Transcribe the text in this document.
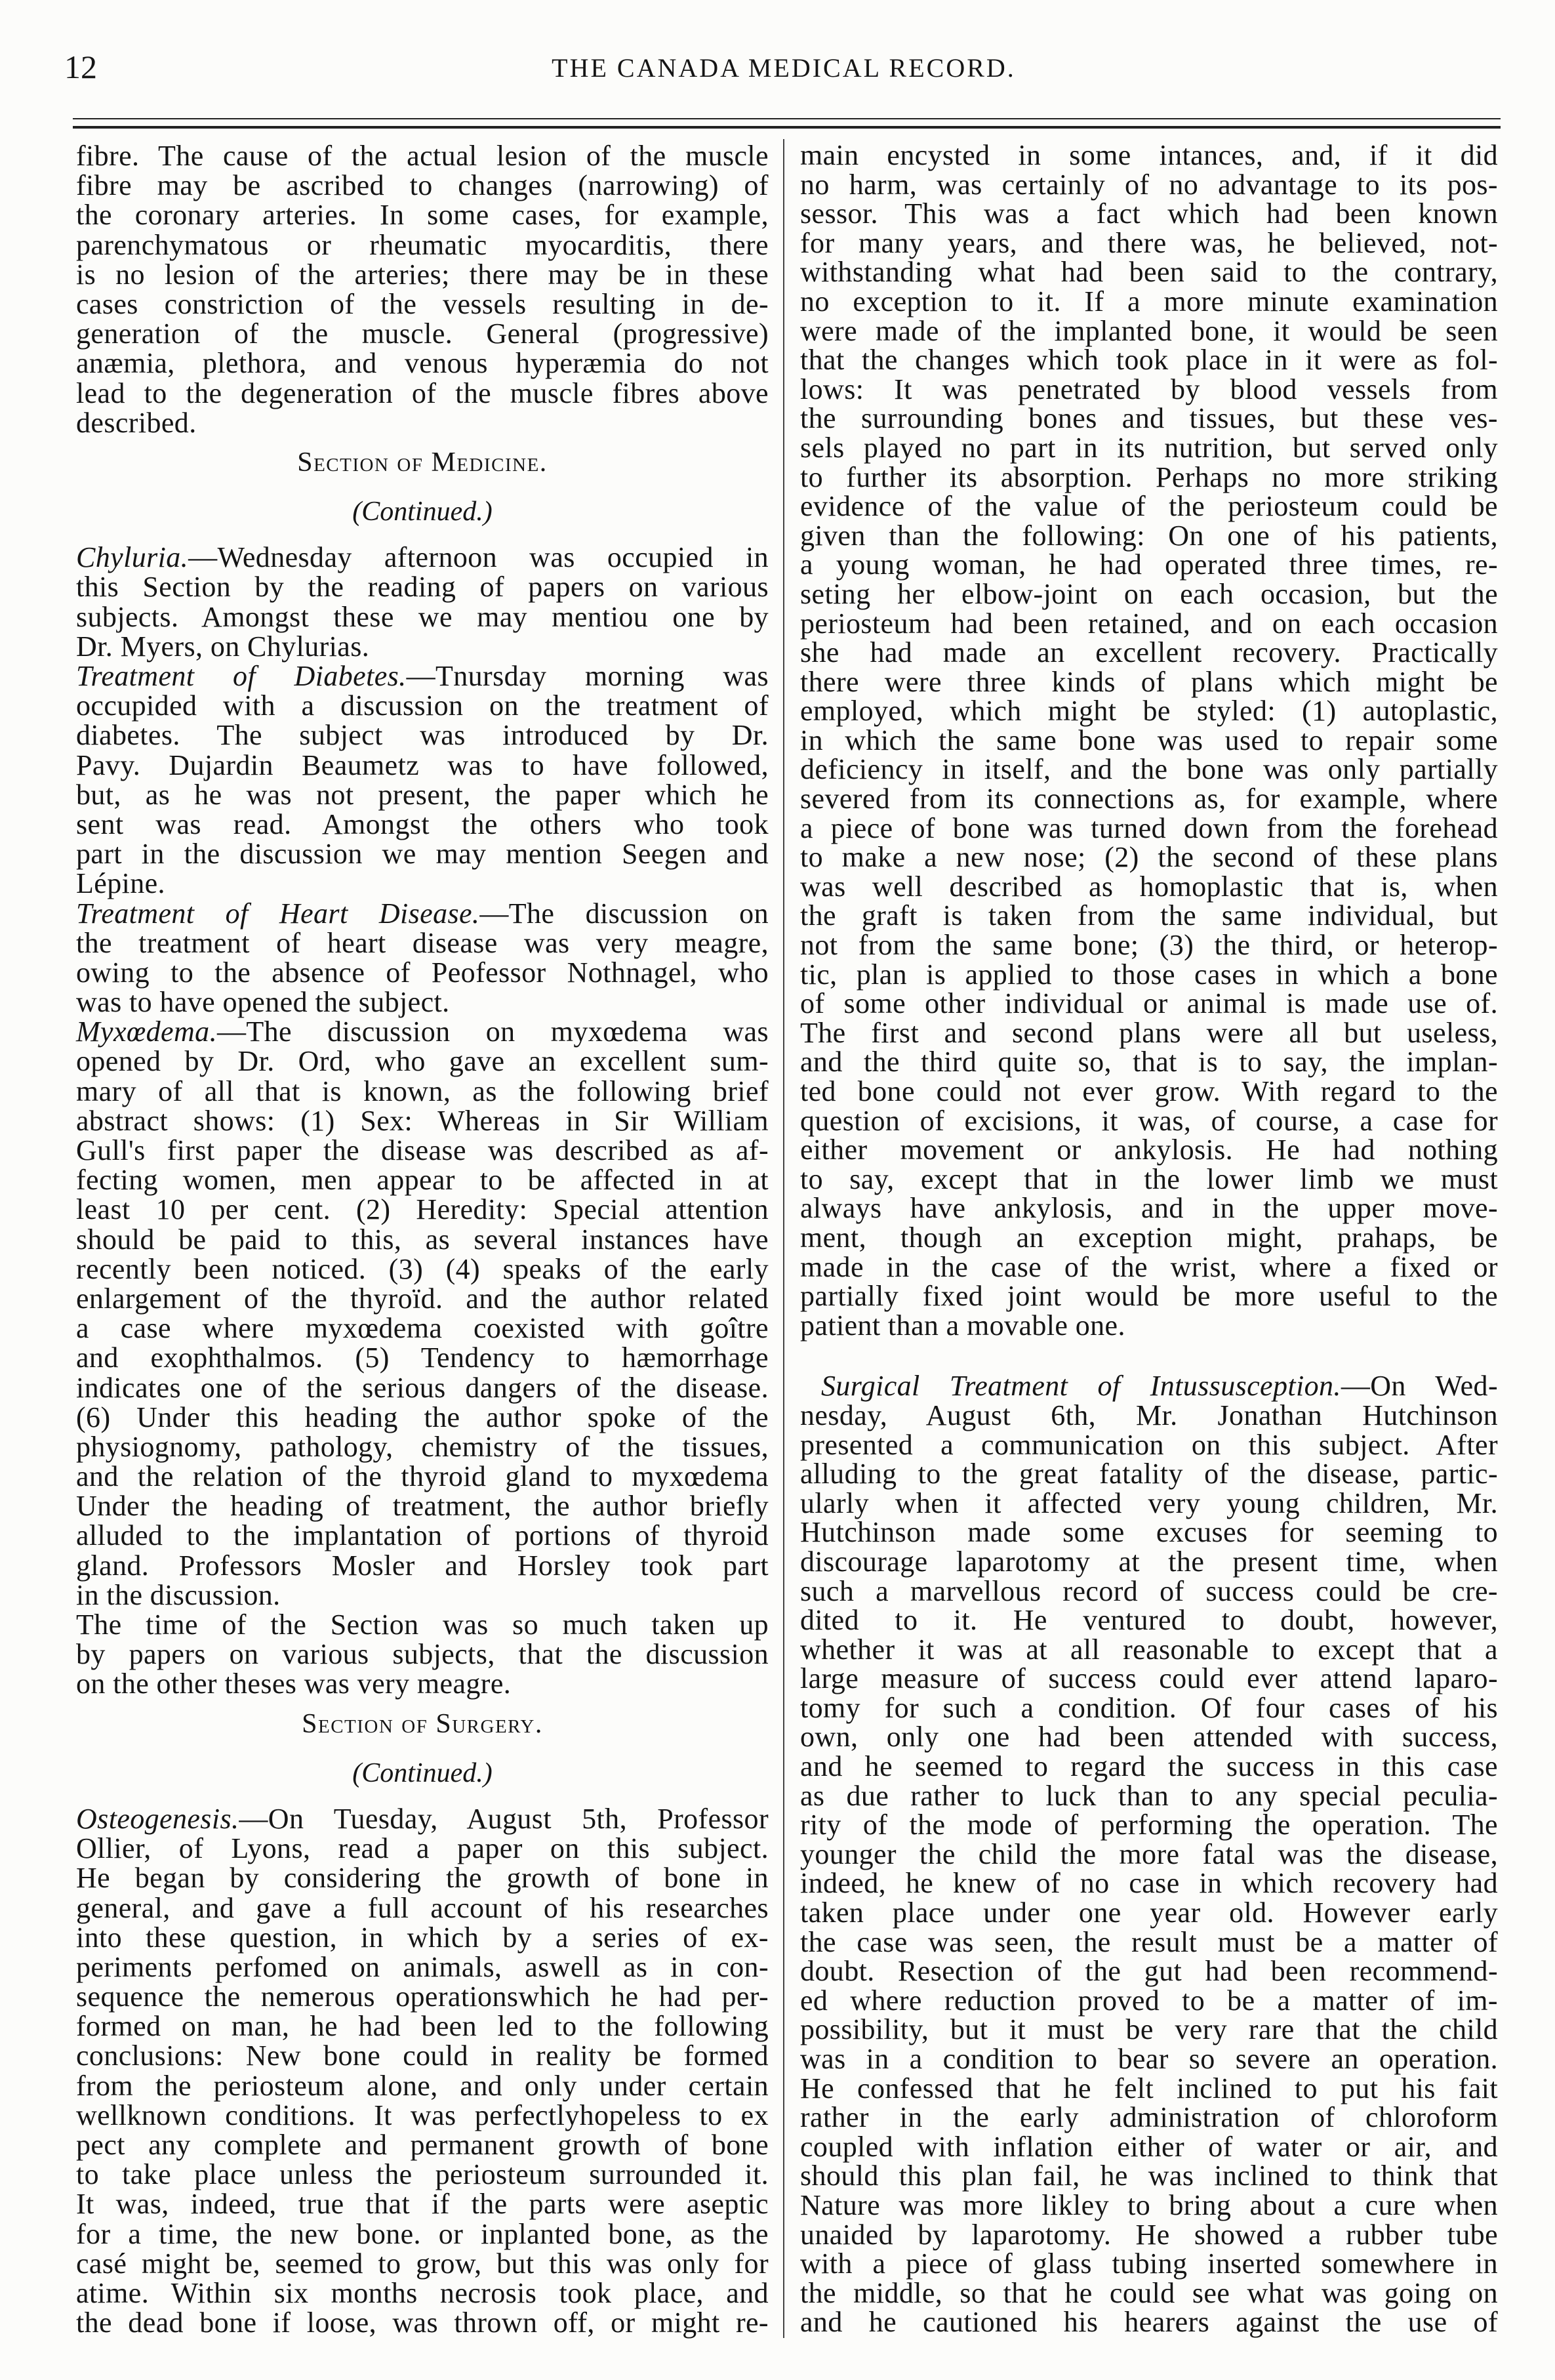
12	THE CANADA MEDICAL RECORD.
fibre. The cause of the actual lesion of the muscle
fibre may be ascribed to changes (narrowing) of
the coronary arteries. In some cases, for example,
parenchymatous or rheumatic myocarditis, there
is no lesion of the arteries; there may be in these
cases constriction of the vessels resulting in de-
generation of the muscle. General (progressive)
anæmia, plethora, and venous hyperæmia do not
lead to the degeneration of the muscle fibres above
described.
Section of Medicine.
(Continued.)
Chyluria.—Wednesday afternoon was occupied in
this Section by the reading of papers on various
subjects. Amongst these we may mentiou one by
Dr. Myers, on Chylurias.
Treatment of Diabetes.—Tnursday morning was
occupided with a discussion on the treatment of
diabetes. The subject was introduced by Dr.
Pavy. Dujardin Beaumetz was to have followed,
but, as he was not present, the paper which he
sent was read. Amongst the others who took
part in the discussion we may mention Seegen and
Lépine.
Treatment of Heart Disease.—The discussion on
the treatment of heart disease was very meagre,
owing to the absence of Peofessor Nothnagel, who
was to have opened the subject.
Myxœdema.—The discussion on myxœdema was
opened by Dr. Ord, who gave an excellent sum-
mary of all that is known, as the following brief
abstract shows: (1) Sex: Whereas in Sir William
Gull's first paper the disease was described as af-
fecting women, men appear to be affected in at
least 10 per cent. (2) Heredity: Special attention
should be paid to this, as several instances have
recently been noticed. (3) (4) speaks of the early
enlargement of the thyroïd. and the author related
a case where myxœdema coexisted with goître
and exophthalmos. (5) Tendency to hæmorrhage
indicates one of the serious dangers of the disease.
(6) Under this heading the author spoke of the
physiognomy, pathology, chemistry of the tissues,
and the relation of the thyroid gland to myxœdema
Under the heading of treatment, the author briefly
alluded to the implantation of portions of thyroid
gland. Professors Mosler and Horsley took part
in the discussion.
The time of the Section was so much taken up
by papers on various subjects, that the discussion
on the other theses was very meagre.
Section of Surgery.
(Continued.)
Osteogenesis.—On Tuesday, August 5th, Professor
Ollier, of Lyons, read a paper on this subject.
He began by considering the growth of bone in
general, and gave a full account of his researches
into these question, in which by a series of ex-
periments perfomed on animals, aswell as in con-
sequence the nemerous operationswhich he had per-
formed on man, he had been led to the following
conclusions: New bone could in reality be formed
from the periosteum alone, and only under certain
wellknown conditions. It was perfectlyhopeless to ex
pect any complete and permanent growth of bone
to take place unless the periosteum surrounded it.
It was, indeed, true that if the parts were aseptic
for a time, the new bone. or inplanted bone, as the
casé might be, seemed to grow, but this was only for
atime. Within six months necrosis took place, and
the dead bone if loose, was thrown off, or might re-
main encysted in some intances, and, if it did
no harm, was certainly of no advantage to its pos-
sessor. This was a fact which had been known
for many years, and there was, he believed, not-
withstanding what had been said to the contrary,
no exception to it. If a more minute examination
were made of the implanted bone, it would be seen
that the changes which took place in it were as fol-
lows: It was penetrated by blood vessels from
the surrounding bones and tissues, but these ves-
sels played no part in its nutrition, but served only
to further its absorption. Perhaps no more striking
evidence of the value of the periosteum could be
given than the following: On one of his patients,
a young woman, he had operated three times, re-
seting her elbow-joint on each occasion, but the
periosteum had been retained, and on each occasion
she had made an excellent recovery. Practically
there were three kinds of plans which might be
employed, which might be styled: (1) autoplastic,
in which the same bone was used to repair some
deficiency in itself, and the bone was only partially
severed from its connections as, for example, where
a piece of bone was turned down from the forehead
to make a new nose; (2) the second of these plans
was well described as homoplastic that is, when
the graft is taken from the same individual, but
not from the same bone; (3) the third, or heterop-
tic, plan is applied to those cases in which a bone
of some other individual or animal is made use of.
The first and second plans were all but useless,
and the third quite so, that is to say, the implan-
ted bone could not ever grow. With regard to the
question of excisions, it was, of course, a case for
either movement or ankylosis. He had nothing
to say, except that in the lower limb we must
always have ankylosis, and in the upper move-
ment, though an exception might, prahaps, be
made in the case of the wrist, where a fixed or
partially fixed joint would be more useful to the
patient than a movable one.
Surgical Treatment of Intussusception.—On Wed-
nesday, August 6th, Mr. Jonathan Hutchinson
presented a communication on this subject. After
alluding to the great fatality of the disease, partic-
ularly when it affected very young children, Mr.
Hutchinson made some excuses for seeming to
discourage laparotomy at the present time, when
such a marvellous record of success could be cre-
dited to it. He ventured to doubt, however,
whether it was at all reasonable to except that a
large measure of success could ever attend laparo-
tomy for such a condition. Of four cases of his
own, only one had been attended with success,
and he seemed to regard the success in this case
as due rather to luck than to any special peculia-
rity of the mode of performing the operation. The
younger the child the more fatal was the disease,
indeed, he knew of no case in which recovery had
taken place under one year old. However early
the case was seen, the result must be a matter of
doubt. Resection of the gut had been recommend-
ed where reduction proved to be a matter of im-
possibility, but it must be very rare that the child
was in a condition to bear so severe an operation.
He confessed that he felt inclined to put his fait
rather in the early administration of chloroform
coupled with inflation either of water or air, and
should this plan fail, he was inclined to think that
Nature was more likley to bring about a cure when
unaided by laparotomy. He showed a rubber tube
with a piece of glass tubing inserted somewhere in
the middle, so that he could see what was going on
and he cautioned his hearers against the use of
